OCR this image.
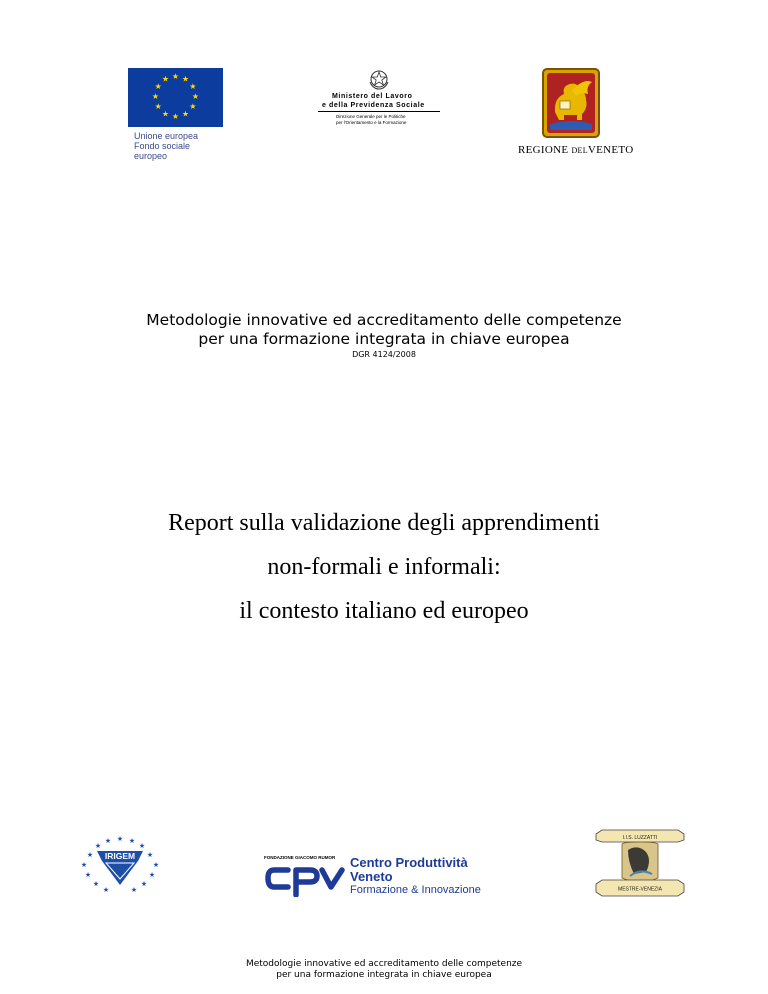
★ ★
★
★
★
★
★
★
★
★
★
★
Unione europea
Fondo sociale europeo
Ministero del Lavoro
e della Previdenza Sociale
Direzione Generale per le Politiche
per l'Orientamento e la Formazione
REGIONE DELVENETO
Metodologie innovative ed accreditamento delle competenze
per una formazione integrata in chiave europea
DGR 4124/2008
Report sulla validazione degli apprendimenti
non-formali e informali:
il contesto italiano ed europeo
★ ★
★
★
★
★
★
★
★
★
★
★
★
★
★
IRIGEM	FONDAZIONE GIACOMO RUMOR Centro Produttività
Veneto
Formazione & Innovazione
I.I.S. LUZZATTI
MESTRE-VENEZIA
Metodologie innovative ed accreditamento delle competenze
per una formazione integrata in chiave europea
